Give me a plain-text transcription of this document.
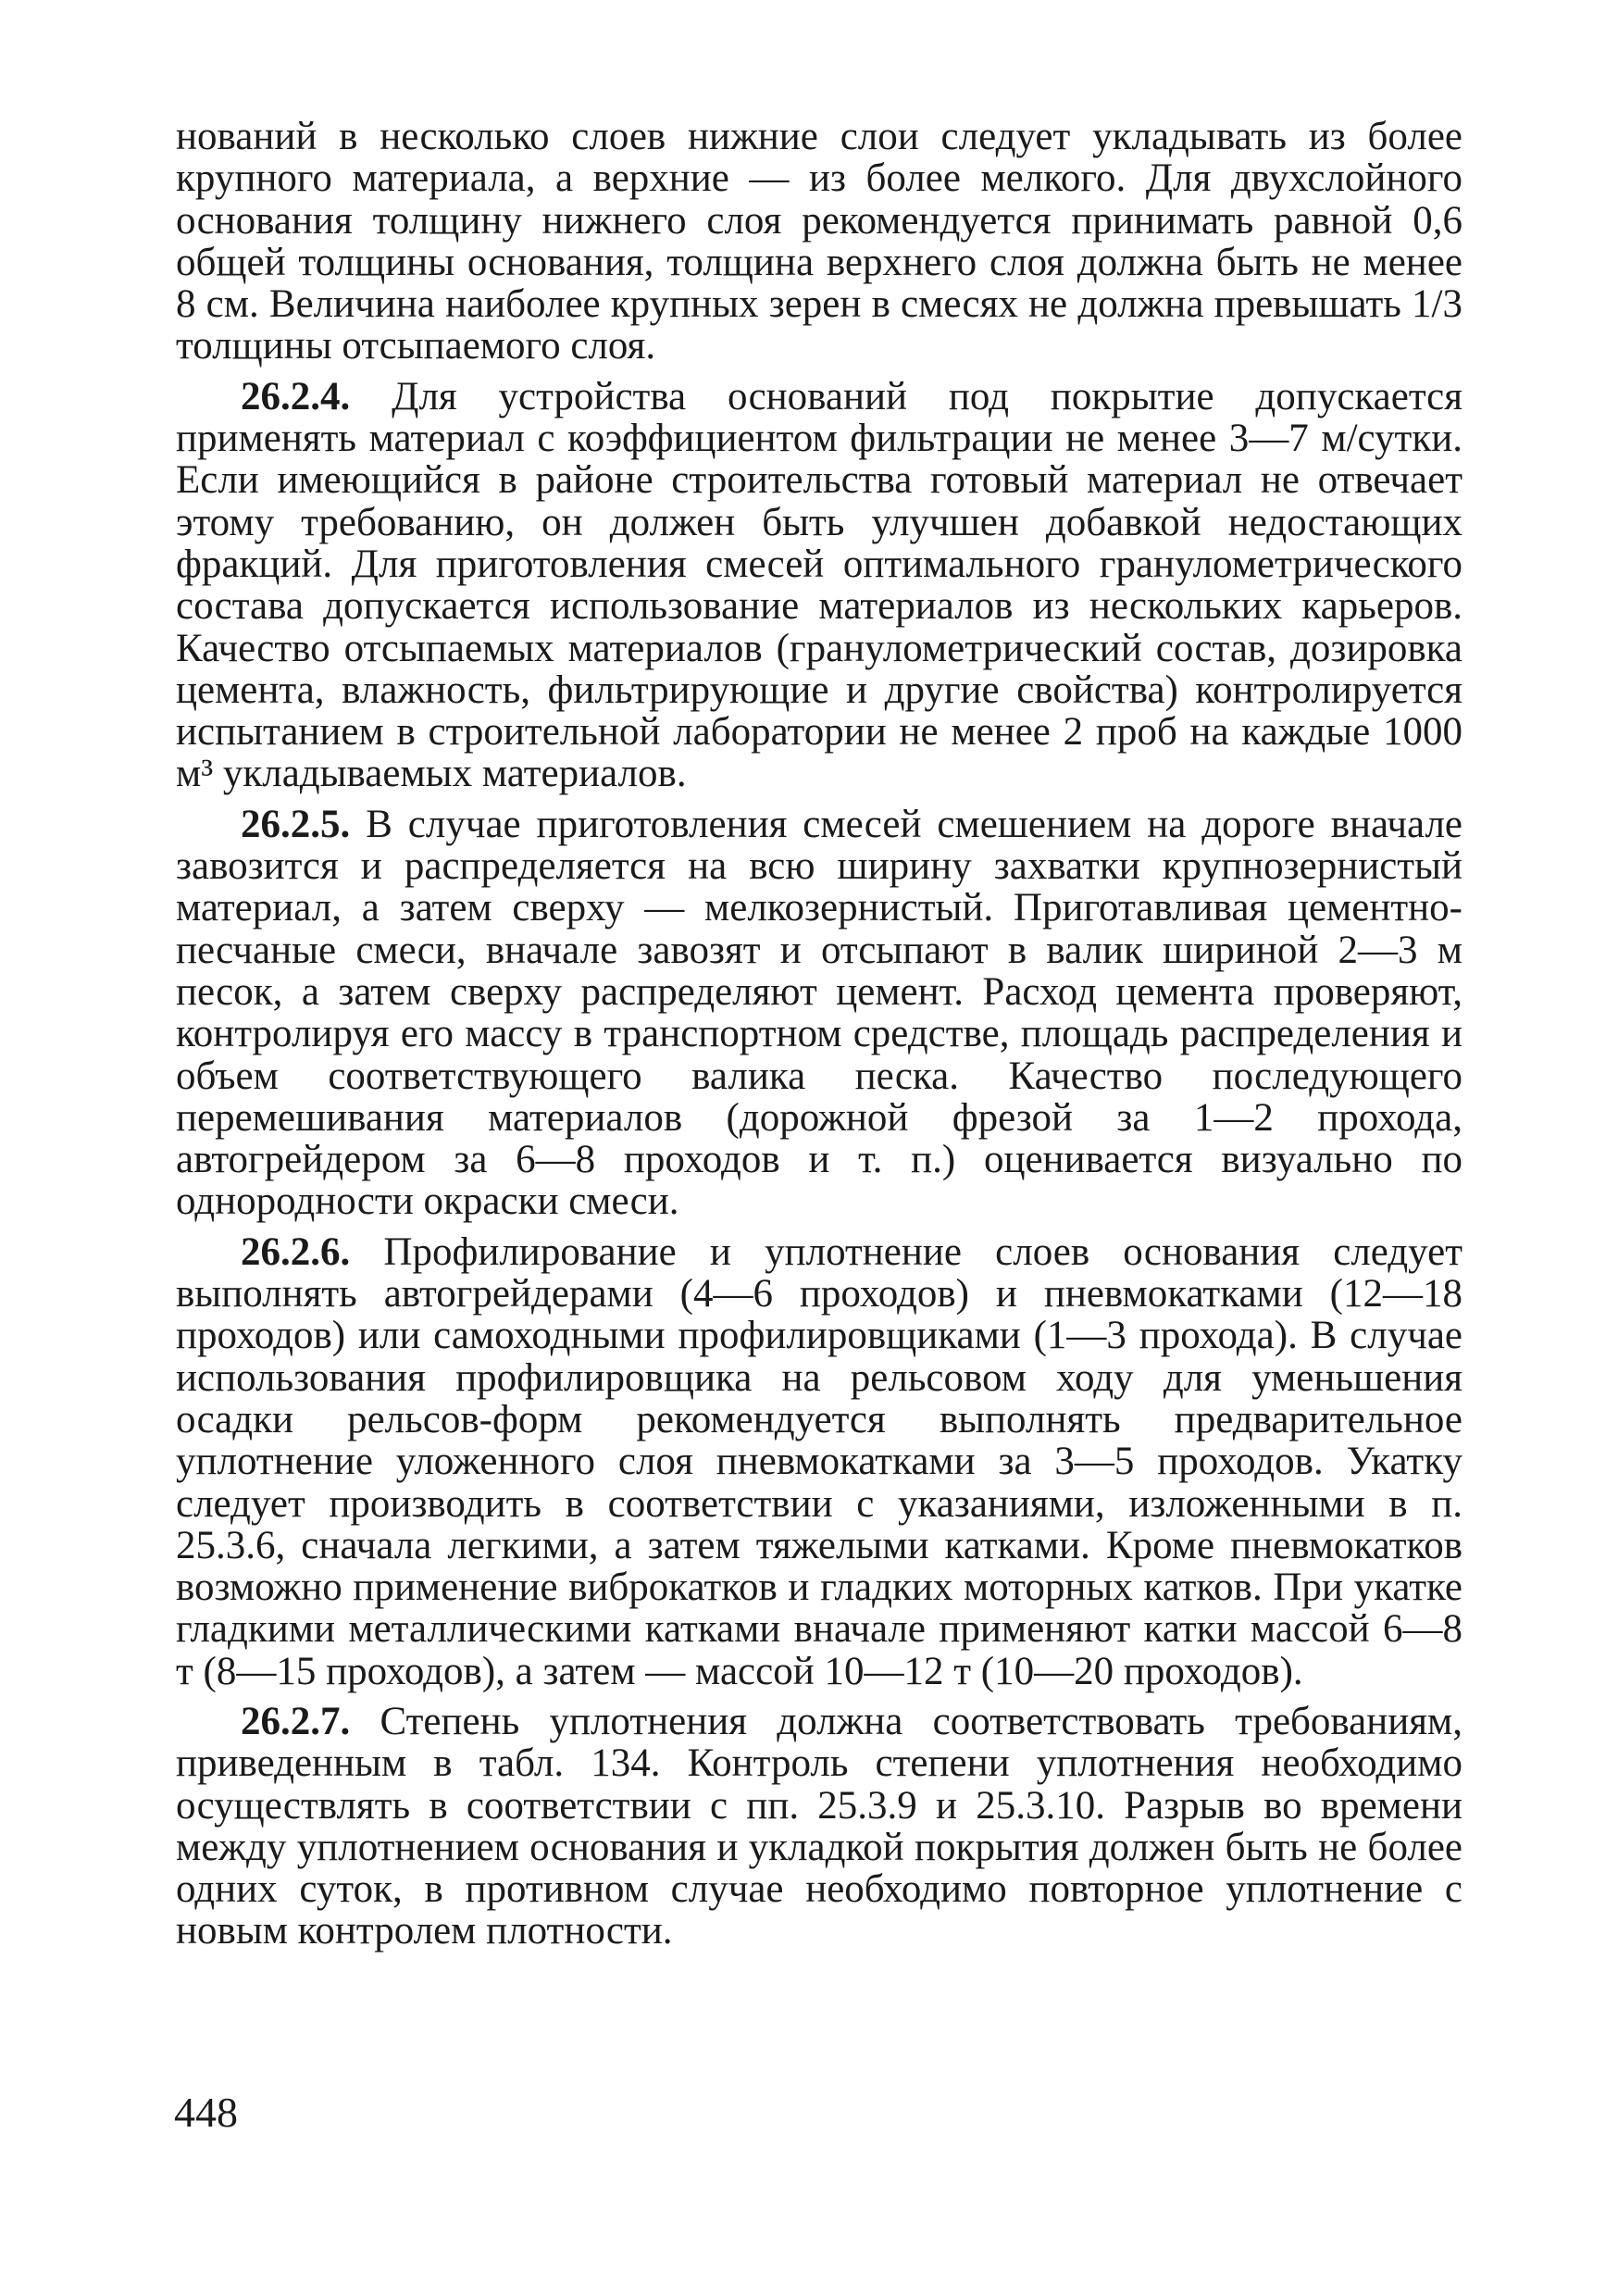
нований в несколько слоев нижние слои следует укладывать из более крупного материала, а верхние — из более мелкого. Для двухслойного основания толщину нижнего слоя рекомендуется принимать равной 0,6 общей толщины основания, толщина верхнего слоя должна быть не менее 8 см. Величина наиболее крупных зерен в смесях не должна превышать 1/3 толщины отсыпаемого слоя.

26.2.4. Для устройства оснований под покрытие допускается применять материал с коэффициентом фильтрации не менее 3—7 м/сутки. Если имеющийся в районе строительства готовый материал не отвечает этому требованию, он должен быть улучшен добавкой недостающих фракций. Для приготовления смесей оптимального гранулометрического состава допускается использование материалов из нескольких карьеров. Качество отсыпаемых материалов (гранулометрический состав, дозировка цемента, влажность, фильтрирующие и другие свойства) контролируется испытанием в строительной лаборатории не менее 2 проб на каждые 1000 м³ укладываемых материалов.

26.2.5. В случае приготовления смесей смешением на дороге вначале завозится и распределяется на всю ширину захватки крупнозернистый материал, а затем сверху — мелкозернистый. Приготавливая цементно-песчаные смеси, вначале завозят и отсыпают в валик шириной 2—3 м песок, а затем сверху распределяют цемент. Расход цемента проверяют, контролируя его массу в транспортном средстве, площадь распределения и объем соответствующего валика песка. Качество последующего перемешивания материалов (дорожной фрезой за 1—2 прохода, автогрейдером за 6—8 проходов и т. п.) оценивается визуально по однородности окраски смеси.

26.2.6. Профилирование и уплотнение слоев основания следует выполнять автогрейдерами (4—6 проходов) и пневмокатками (12—18 проходов) или самоходными профилировщиками (1—3 прохода). В случае использования профилировщика на рельсовом ходу для уменьшения осадки рельсов-форм рекомендуется выполнять предварительное уплотнение уложенного слоя пневмокатками за 3—5 проходов. Укатку следует производить в соответствии с указаниями, изложенными в п. 25.3.6, сначала легкими, а затем тяжелыми катками. Кроме пневмокатков возможно применение виброкатков и гладких моторных катков. При укатке гладкими металлическими катками вначале применяют катки массой 6—8 т (8—15 проходов), а затем — массой 10—12 т (10—20 проходов).

26.2.7. Степень уплотнения должна соответствовать требованиям, приведенным в табл. 134. Контроль степени уплотнения необходимо осуществлять в соответствии с пп. 25.3.9 и 25.3.10. Разрыв во времени между уплотнением основания и укладкой покрытия должен быть не более одних суток, в противном случае необходимо повторное уплотнение с новым контролем плотности.

448
